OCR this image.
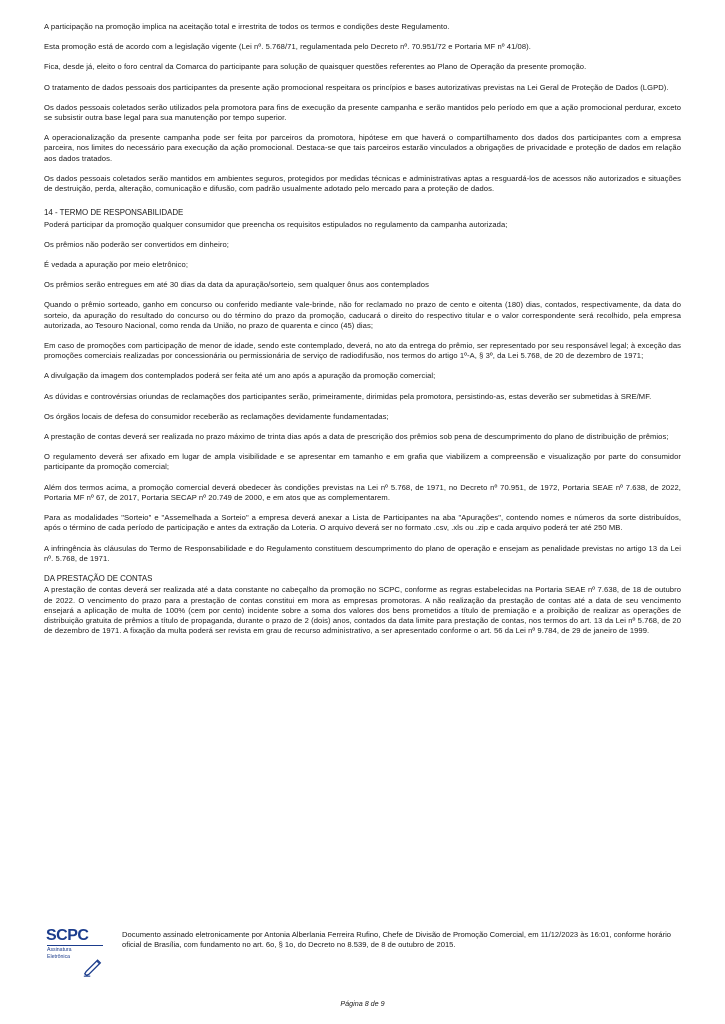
A participação na promoção implica na aceitação total e irrestrita de todos os termos e condições deste Regulamento.

Esta promoção está de acordo com a legislação vigente (Lei nº. 5.768/71, regulamentada pelo Decreto nº. 70.951/72 e Portaria MF nº 41/08).

Fica, desde já, eleito o foro central da Comarca do participante para solução de quaisquer questões referentes ao Plano de Operação da presente promoção.

O tratamento de dados pessoais dos participantes da presente ação promocional respeitara os princípios e bases autorizativas previstas na Lei Geral de Proteção de Dados (LGPD).

Os dados pessoais coletados serão utilizados pela promotora para fins de execução da presente campanha e serão mantidos pelo período em que a ação promocional perdurar, exceto se subsistir outra base legal para sua manutenção por tempo superior.

A operacionalização da presente campanha pode ser feita por parceiros da promotora, hipótese em que haverá o compartilhamento dos dados dos participantes com a empresa parceira, nos limites do necessário para execução da ação promocional. Destaca-se que tais parceiros estarão vinculados a obrigações de privacidade e proteção de dados em relação aos dados tratados.

Os dados pessoais coletados serão mantidos em ambientes seguros, protegidos por medidas técnicas e administrativas aptas a resguardá-los de acessos não autorizados e situações de destruição, perda, alteração, comunicação e difusão, com padrão usualmente adotado pelo mercado para a proteção de dados.

14 - TERMO DE RESPONSABILIDADE

Poderá participar da promoção qualquer consumidor que preencha os requisitos estipulados no regulamento da campanha autorizada;

Os prêmios não poderão ser convertidos em dinheiro;

É vedada a apuração por meio eletrônico;

Os prêmios serão entregues em até 30 dias da data da apuração/sorteio, sem qualquer ônus aos contemplados

Quando o prêmio sorteado, ganho em concurso ou conferido mediante vale-brinde, não for reclamado no prazo de cento e oitenta (180) dias, contados, respectivamente, da data do sorteio, da apuração do resultado do concurso ou do término do prazo da promoção, caducará o direito do respectivo titular e o valor correspondente será recolhido, pela empresa autorizada, ao Tesouro Nacional, como renda da União, no prazo de quarenta e cinco (45) dias;

Em caso de promoções com participação de menor de idade, sendo este contemplado, deverá, no ato da entrega do prêmio, ser representado por seu responsável legal; à exceção das promoções comerciais realizadas por concessionária ou permissionária de serviço de radiodifusão, nos termos do artigo 1º-A, § 3º, da Lei 5.768, de 20 de dezembro de 1971;

A divulgação da imagem dos contemplados poderá ser feita até um ano após a apuração da promoção comercial;

As dúvidas e controvérsias oriundas de reclamações dos participantes serão, primeiramente, dirimidas pela promotora, persistindo-as, estas deverão ser submetidas à SRE/MF.

Os órgãos locais de defesa do consumidor receberão as reclamações devidamente fundamentadas;

A prestação de contas deverá ser realizada no prazo máximo de trinta dias após a data de prescrição dos prêmios sob pena de descumprimento do plano de distribuição de prêmios;

O regulamento deverá ser afixado em lugar de ampla visibilidade e se apresentar em tamanho e em grafia que viabilizem a compreensão e visualização por parte do consumidor participante da promoção comercial;

Além dos termos acima, a promoção comercial deverá obedecer às condições previstas na Lei nº 5.768, de 1971, no Decreto nº 70.951, de 1972, Portaria SEAE nº 7.638, de 2022, Portaria MF nº 67, de 2017, Portaria SECAP nº 20.749 de 2000, e em atos que as complementarem.

Para as modalidades "Sorteio" e "Assemelhada a Sorteio" a empresa deverá anexar a Lista de Participantes na aba "Apurações", contendo nomes e números da sorte distribuídos, após o término de cada período de participação e antes da extração da Loteria. O arquivo deverá ser no formato .csv, .xls ou .zip e cada arquivo poderá ter até 250 MB.

A infringência às cláusulas do Termo de Responsabilidade e do Regulamento constituem descumprimento do plano de operação e ensejam as penalidade previstas no artigo 13 da Lei nº. 5.768, de 1971.

DA PRESTAÇÃO DE CONTAS

A prestação de contas deverá ser realizada até a data constante no cabeçalho da promoção no SCPC, conforme as regras estabelecidas na Portaria SEAE nº 7.638, de 18 de outubro de 2022. O vencimento do prazo para a prestação de contas constitui em mora as empresas promotoras. A não realização da prestação de contas até a data de seu vencimento ensejará a aplicação de multa de 100% (cem por cento) incidente sobre a soma dos valores dos bens prometidos a título de premiação e a proibição de realizar as operações de distribuição gratuita de prêmios a título de propaganda, durante o prazo de 2 (dois) anos, contados da data limite para prestação de contas, nos termos do art. 13 da Lei nº 5.768, de 20 de dezembro de 1971. A fixação da multa poderá ser revista em grau de recurso administrativo, a ser apresentado conforme o art. 56 da Lei nº 9.784, de 29 de janeiro de 1999.

SCPC
Assinatura
Eletrônica
Documento assinado eletronicamente por Antonia Alberlania Ferreira Rufino, Chefe de Divisão de Promoção Comercial, em 11/12/2023 às 16:01, conforme horário oficial de Brasília, com fundamento no art. 6o, § 1o, do Decreto no 8.539, de 8 de outubro de 2015.
Página 8 de 9
